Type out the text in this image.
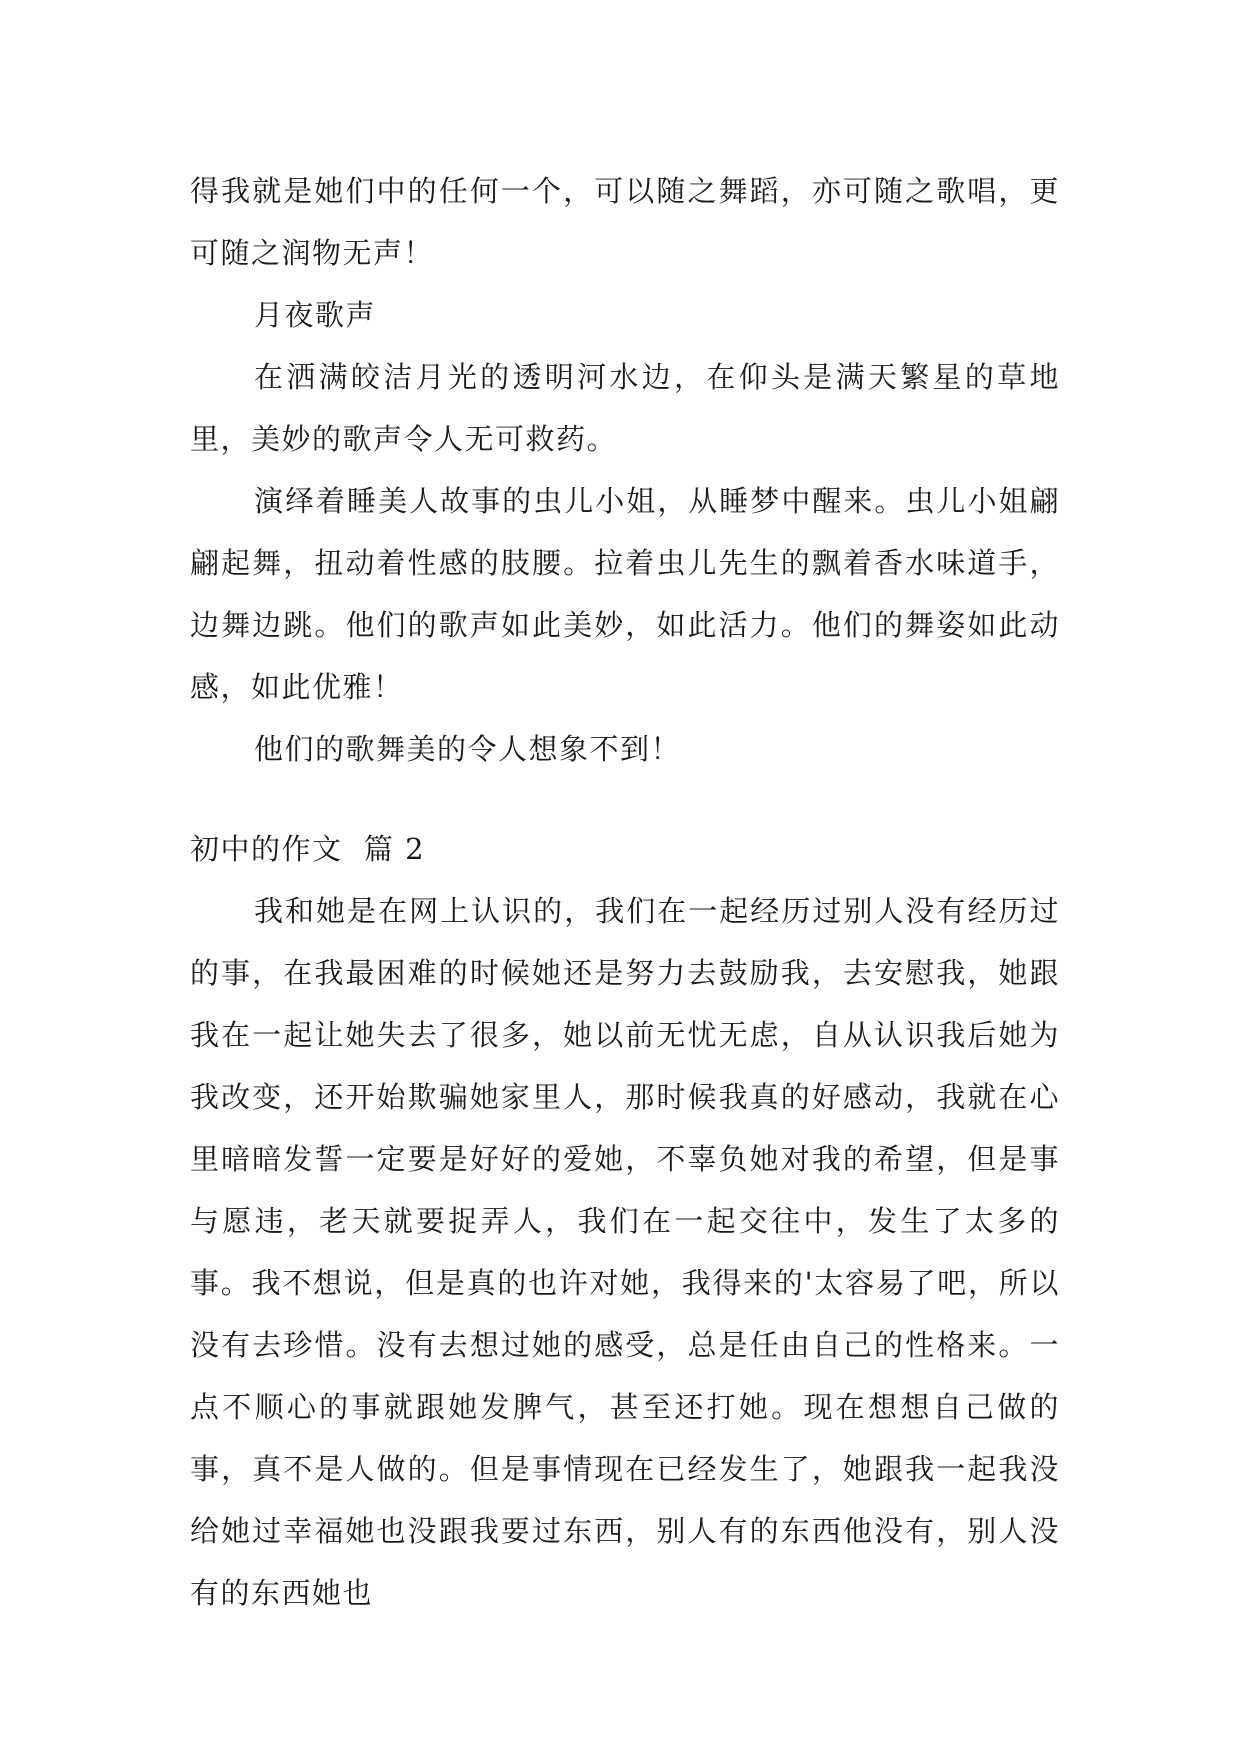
得我就是她们中的任何一个，可以随之舞蹈，亦可随之歌唱，更可随之润物无声！

月夜歌声

在洒满皎洁月光的透明河水边，在仰头是满天繁星的草地里，美妙的歌声令人无可救药。

演绎着睡美人故事的虫儿小姐，从睡梦中醒来。虫儿小姐翩翩起舞，扭动着性感的肢腰。拉着虫儿先生的飘着香水味道手，边舞边跳。他们的歌声如此美妙，如此活力。他们的舞姿如此动感，如此优雅！

他们的歌舞美的令人想象不到！

初中的作文  篇 2

我和她是在网上认识的，我们在一起经历过别人没有经历过的事，在我最困难的时候她还是努力去鼓励我，去安慰我，她跟我在一起让她失去了很多，她以前无忧无虑，自从认识我后她为我改变，还开始欺骗她家里人，那时候我真的好感动，我就在心里暗暗发誓一定要是好好的爱她，不辜负她对我的希望，但是事与愿违，老天就要捉弄人，我们在一起交往中，发生了太多的事。我不想说，但是真的也许对她，我得来的'太容易了吧，所以没有去珍惜。没有去想过她的感受，总是任由自己的性格来。一点不顺心的事就跟她发脾气，甚至还打她。现在想想自己做的事，真不是人做的。但是事情现在已经发生了，她跟我一起我没给她过幸福她也没跟我要过东西，别人有的东西他没有，别人没有的东西她也
